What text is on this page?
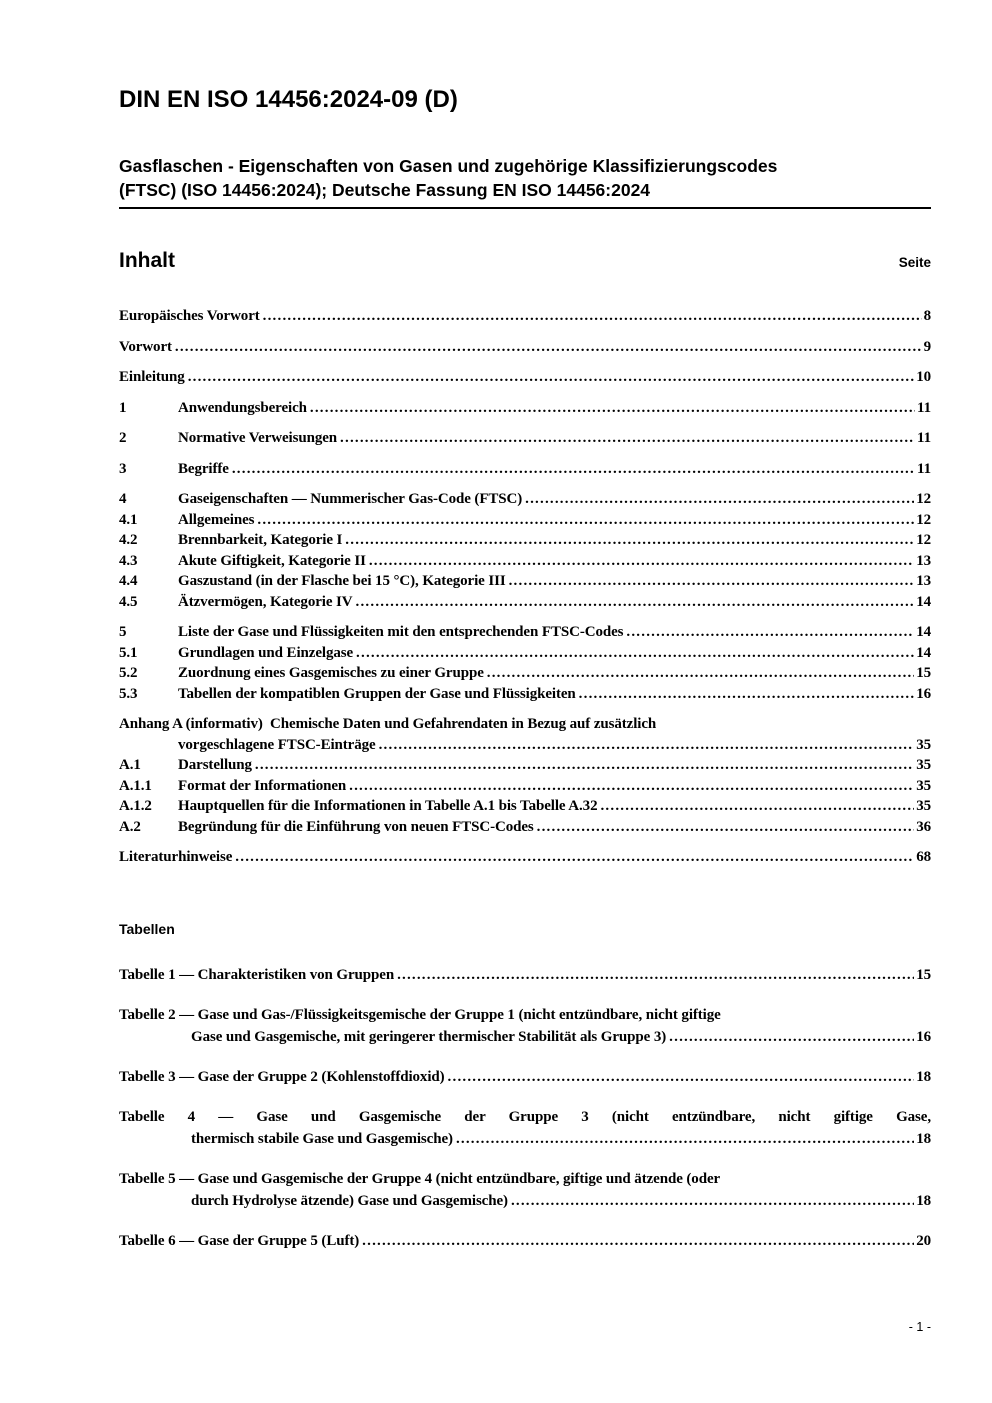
DIN EN ISO 14456:2024-09 (D)
Gasflaschen - Eigenschaften von Gasen und zugehörige Klassifizierungscodes
(FTSC) (ISO 14456:2024); Deutsche Fassung EN ISO 14456:2024
Inhalt	Seite
Europäisches Vorwort .....	8
Vorwort .....	9
Einleitung .....	10
1	Anwendungsbereich .....	11
2	Normative Verweisungen .....	11
3	Begriffe .....	11
4	Gaseigenschaften — Nummerischer Gas-Code (FTSC) .....	12
4.1	Allgemeines .....	12
4.2	Brennbarkeit, Kategorie I .....	12
4.3	Akute Giftigkeit, Kategorie II .....	13
4.4	Gaszustand (in der Flasche bei 15 °C), Kategorie III .....	13
4.5	Ätzvermögen, Kategorie IV .....	14
5	Liste der Gase und Flüssigkeiten mit den entsprechenden FTSC-Codes .....	14
5.1	Grundlagen und Einzelgase .....	14
5.2	Zuordnung eines Gasgemisches zu einer Gruppe .....	15
5.3	Tabellen der kompatiblen Gruppen der Gase und Flüssigkeiten .....	16
Anhang A (informativ)  Chemische Daten und Gefahrendaten in Bezug auf zusätzlich
vorgeschlagene FTSC-Einträge .....	35
A.1	Darstellung .....	35
A.1.1	Format der Informationen .....	35
A.1.2	Hauptquellen für die Informationen in Tabelle A.1 bis Tabelle A.32 .....	35
A.2	Begründung für die Einführung von neuen FTSC-Codes .....	36
Literaturhinweise .....	68
Tabellen
Tabelle 1 — Charakteristiken von Gruppen .....	15
Tabelle 2 — Gase und Gas-/Flüssigkeitsgemische der Gruppe 1 (nicht entzündbare, nicht giftige
Gase und Gasgemische, mit geringerer thermischer Stabilität als Gruppe 3) .....	16
Tabelle 3 — Gase der Gruppe 2 (Kohlenstoffdioxid) .....	18
Tabelle 4 — Gase und Gasgemische der Gruppe 3 (nicht entzündbare, nicht giftige Gase,
thermisch stabile Gase und Gasgemische) .....	18
Tabelle 5 — Gase und Gasgemische der Gruppe 4 (nicht entzündbare, giftige und ätzende (oder
durch Hydrolyse ätzende) Gase und Gasgemische) .....	18
Tabelle 6 — Gase der Gruppe 5 (Luft) .....	20
- 1 -
